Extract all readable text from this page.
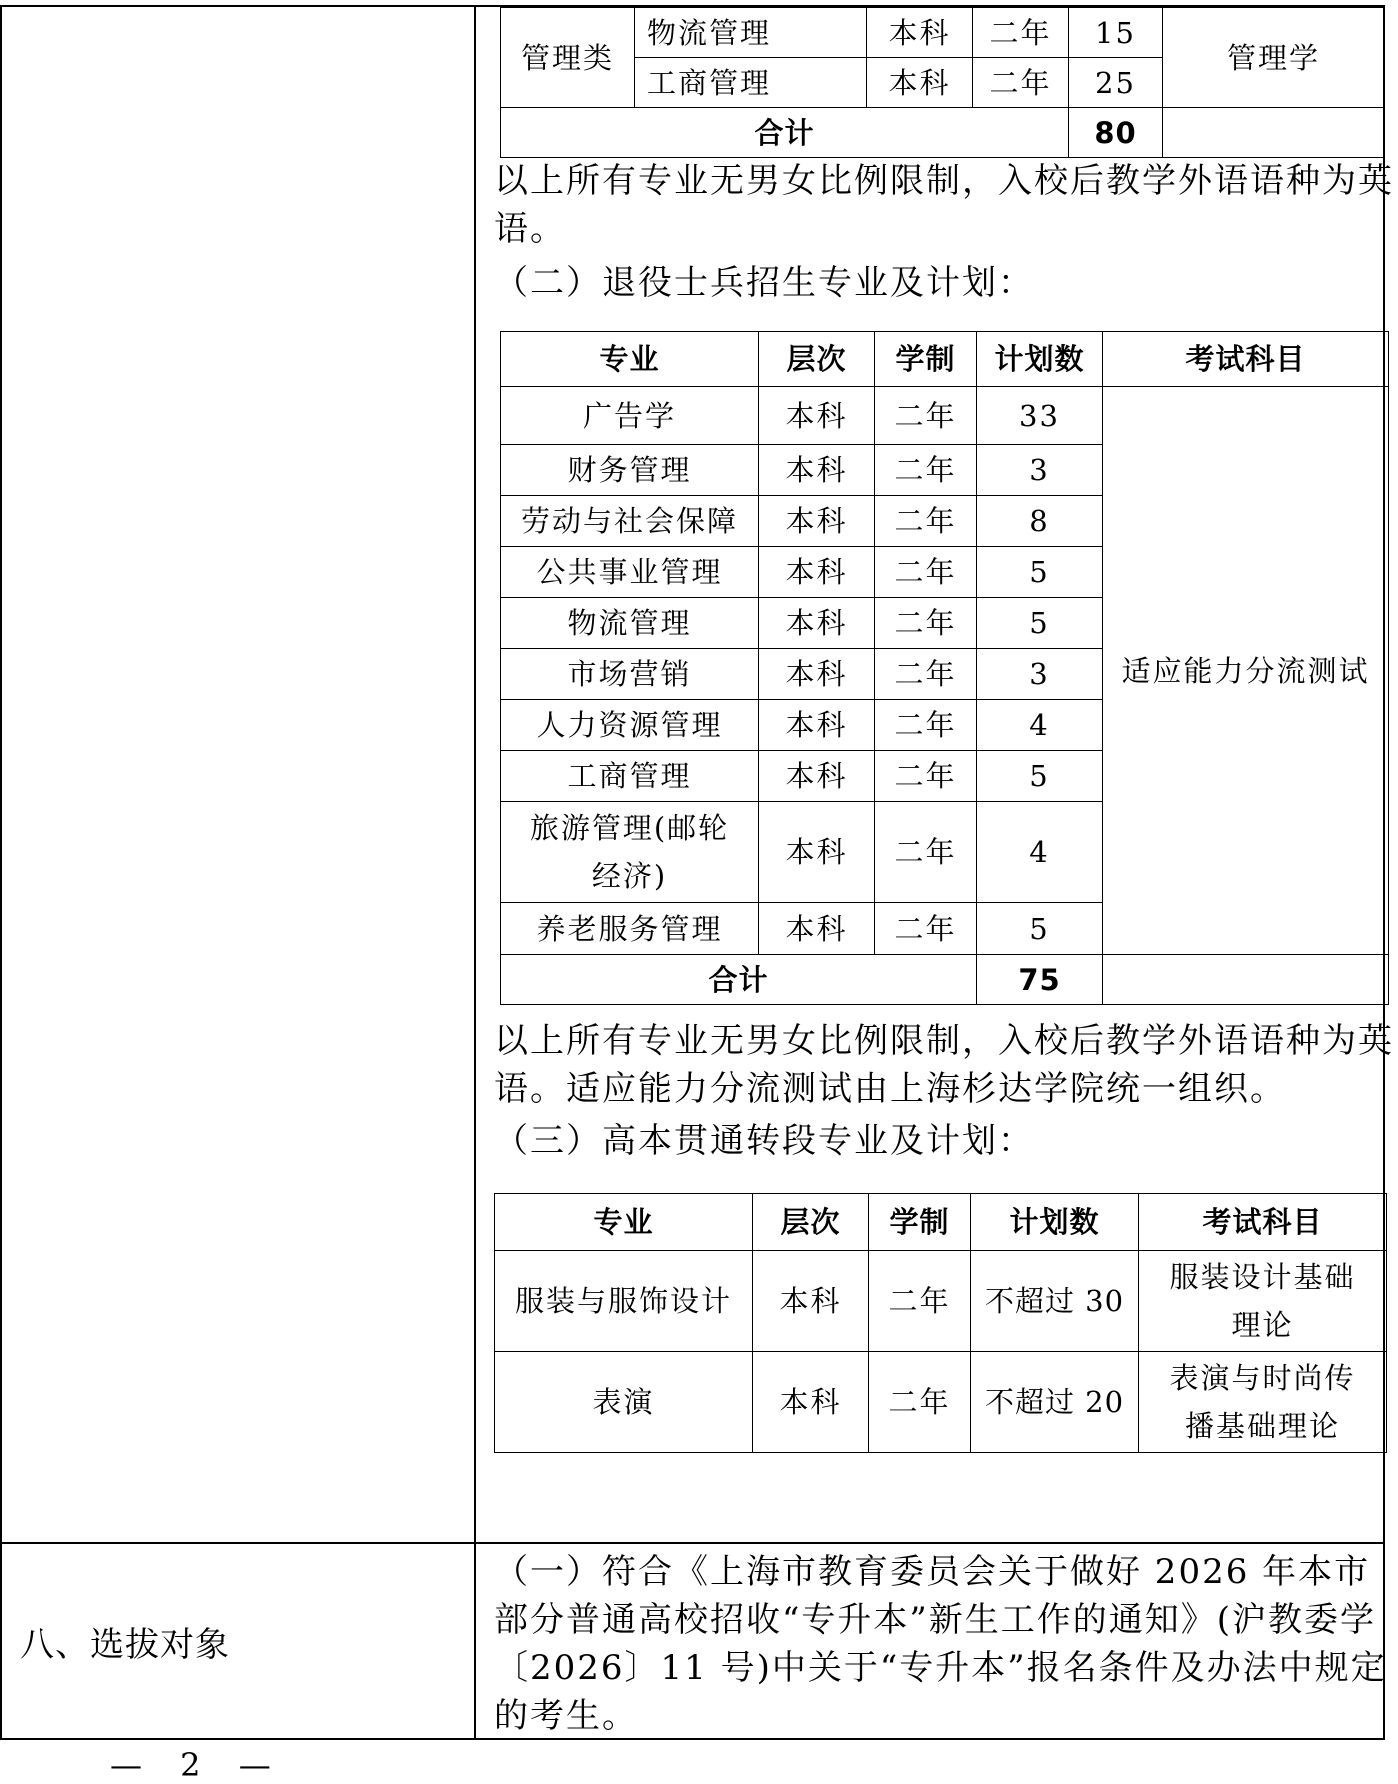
管理类	物流管理	本科	二年	15	管理学
工商管理	本科	二年	25
合计	80	

以上所有专业无男女比例限制，入校后教学外语语种为英语。

（二）退役士兵招生专业及计划：

专业	层次	学制	计划数	考试科目
广告学	本科	二年	33	适应能力分流测试
财务管理	本科	二年	3
劳动与社会保障	本科	二年	8
公共事业管理	本科	二年	5
物流管理	本科	二年	5
市场营销	本科	二年	3
人力资源管理	本科	二年	4
工商管理	本科	二年	5
旅游管理(邮轮经济)	本科	二年	4
养老服务管理	本科	二年	5
合计	75	

以上所有专业无男女比例限制，入校后教学外语语种为英语。适应能力分流测试由上海杉达学院统一组织。

（三）高本贯通转段专业及计划：

专业	层次	学制	计划数	考试科目
服装与服饰设计	本科	二年	不超过 30	服装设计基础理论
表演	本科	二年	不超过 20	表演与时尚传播基础理论

八、选拔对象

（一）符合《上海市教育委员会关于做好 2026 年本市部分普通高校招收“专升本”新生工作的通知》(沪教委学〔2026〕11 号)中关于“专升本”报名条件及办法中规定的考生。

— 2 —
